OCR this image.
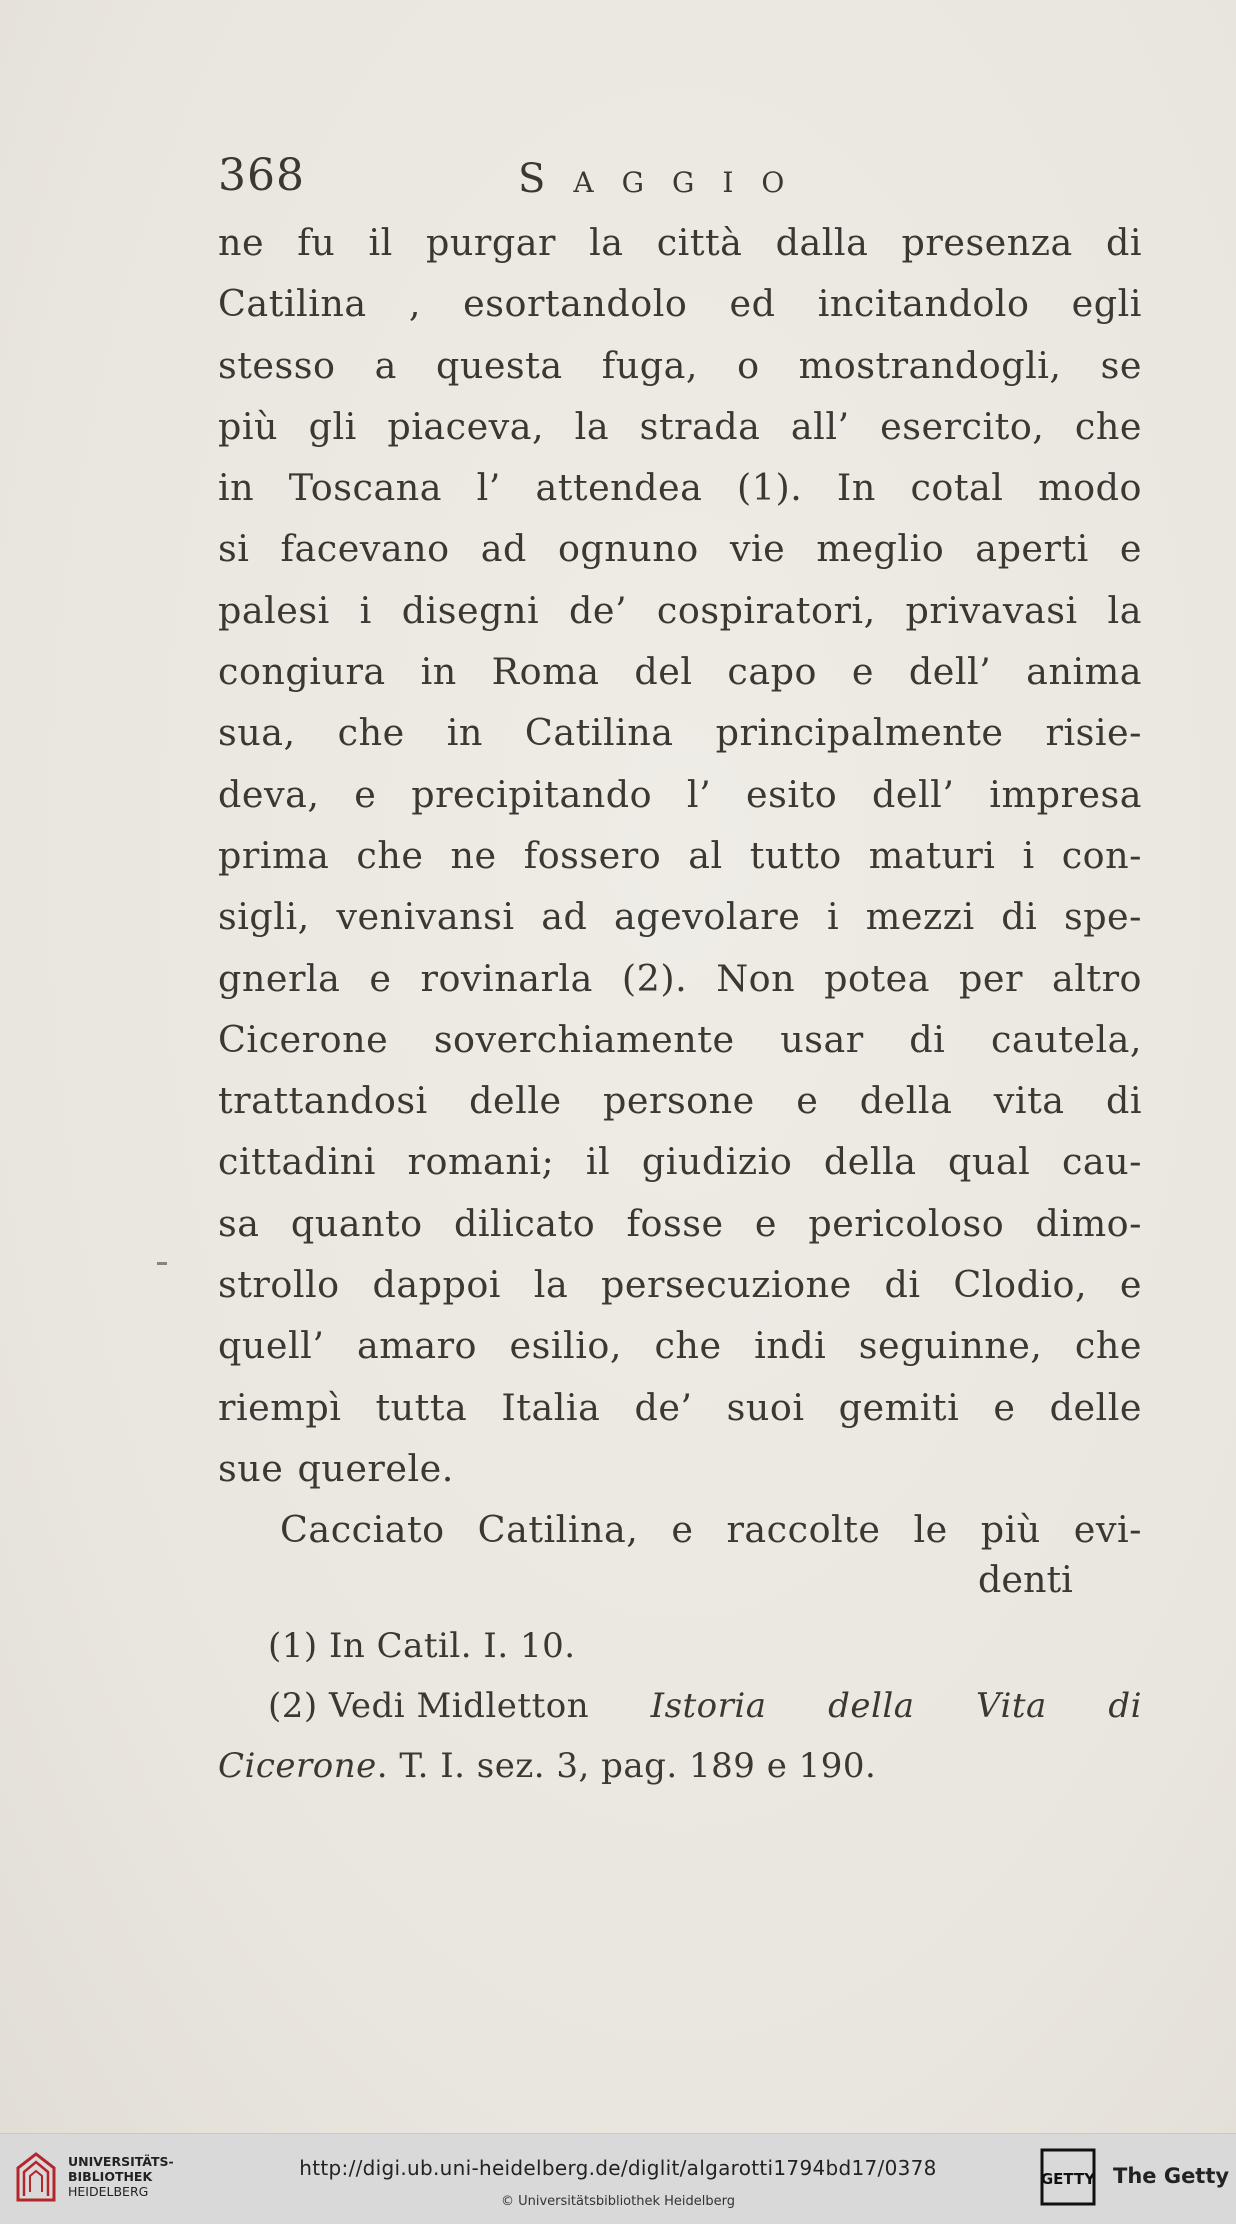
368	Saggio
ne fu il purgar la città dalla presenza di
Catilina , esortandolo ed incitandolo egli
stesso a questa fuga, o mostrandogli, se
più gli piaceva, la strada all’ esercito, che
in Toscana l’ attendea (1). In cotal modo
si facevano ad ognuno vie meglio aperti e
palesi i disegni de’ cospiratori, privavasi la
congiura in Roma del capo e dell’ anima
sua, che in Catilina principalmente risie-
deva, e precipitando l’ esito dell’ impresa
prima che ne fossero al tutto maturi i con-
sigli, venivansi ad agevolare i mezzi di spe-
gnerla e rovinarla (2). Non potea per altro
Cicerone soverchiamente usar di cautela,
trattandosi delle persone e della vita di
cittadini romani; il giudizio della qual cau-
sa quanto dilicato fosse e pericoloso dimo-
strollo dappoi la persecuzione di Clodio, e
quell’ amaro esilio, che indi seguinne, che
riempì tutta Italia de’ suoi gemiti e delle
sue querele.
Cacciato Catilina, e raccolte le più evi-
denti
(1) In Catil. I. 10.
(2) Vedi Midletton Istoria della Vita di
Cicerone. T. I. sez. 3, pag. 189 e 190.
UNIVERSITÄTS-
BIBLIOTHEK
HEIDELBERG
http://digi.ub.uni-heidelberg.de/diglit/algarotti1794bd17/0378
© Universitätsbibliothek Heidelberg
GETTY The Getty
